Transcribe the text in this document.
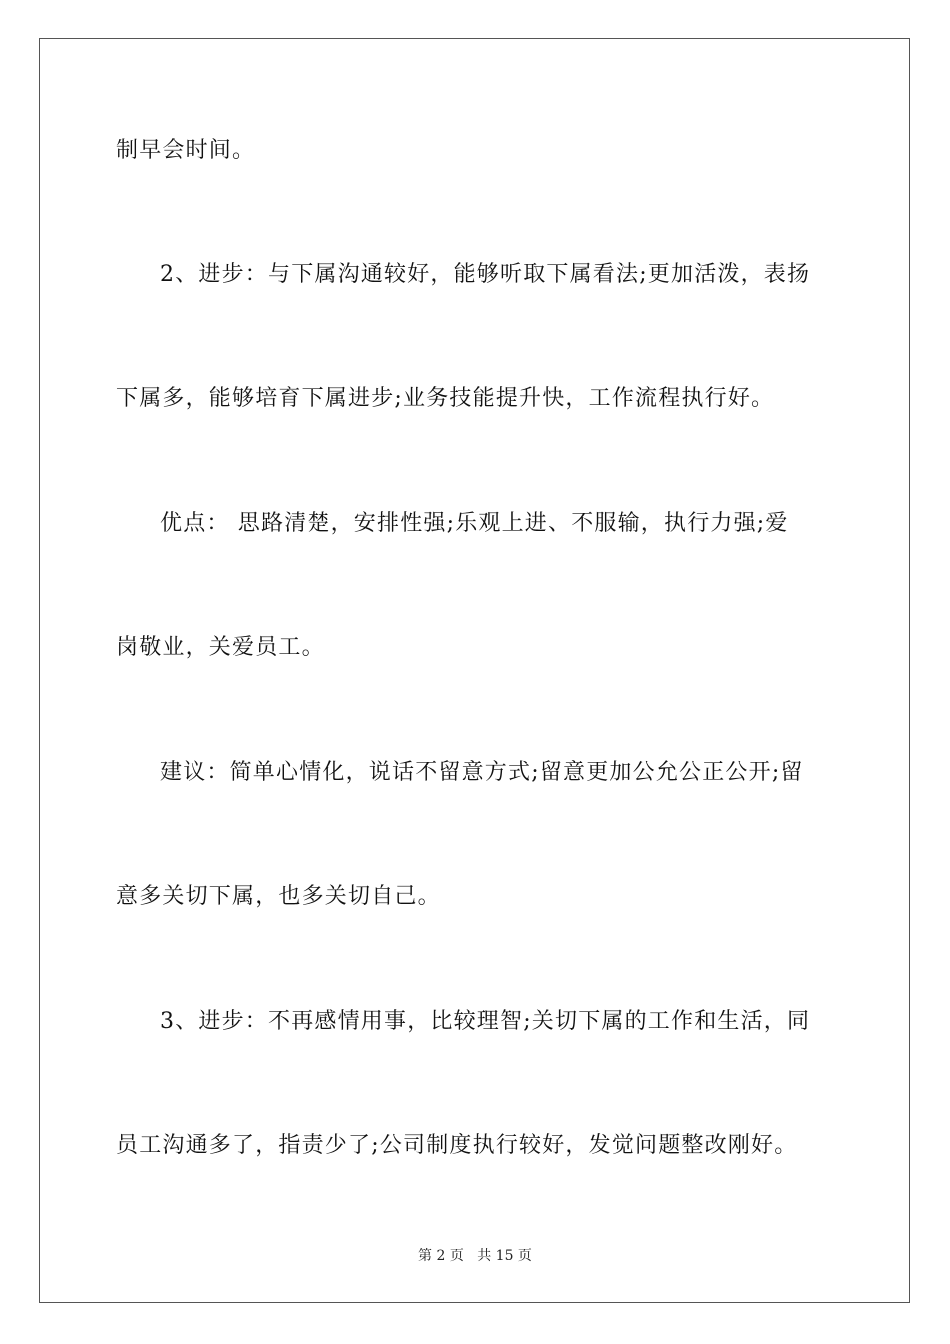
制早会时间。
2、进步：与下属沟通较好，能够听取下属看法;更加活泼，表扬
下属多，能够培育下属进步;业务技能提升快，工作流程执行好。
优点： 思路清楚，安排性强;乐观上进、不服输，执行力强;爱
岗敬业，关爱员工。
建议：简单心情化，说话不留意方式;留意更加公允公正公开;留
意多关切下属，也多关切自己。
3、进步：不再感情用事，比较理智;关切下属的工作和生活，同
员工沟通多了，指责少了;公司制度执行较好，发觉问题整改刚好。
第 2 页 共 15 页
